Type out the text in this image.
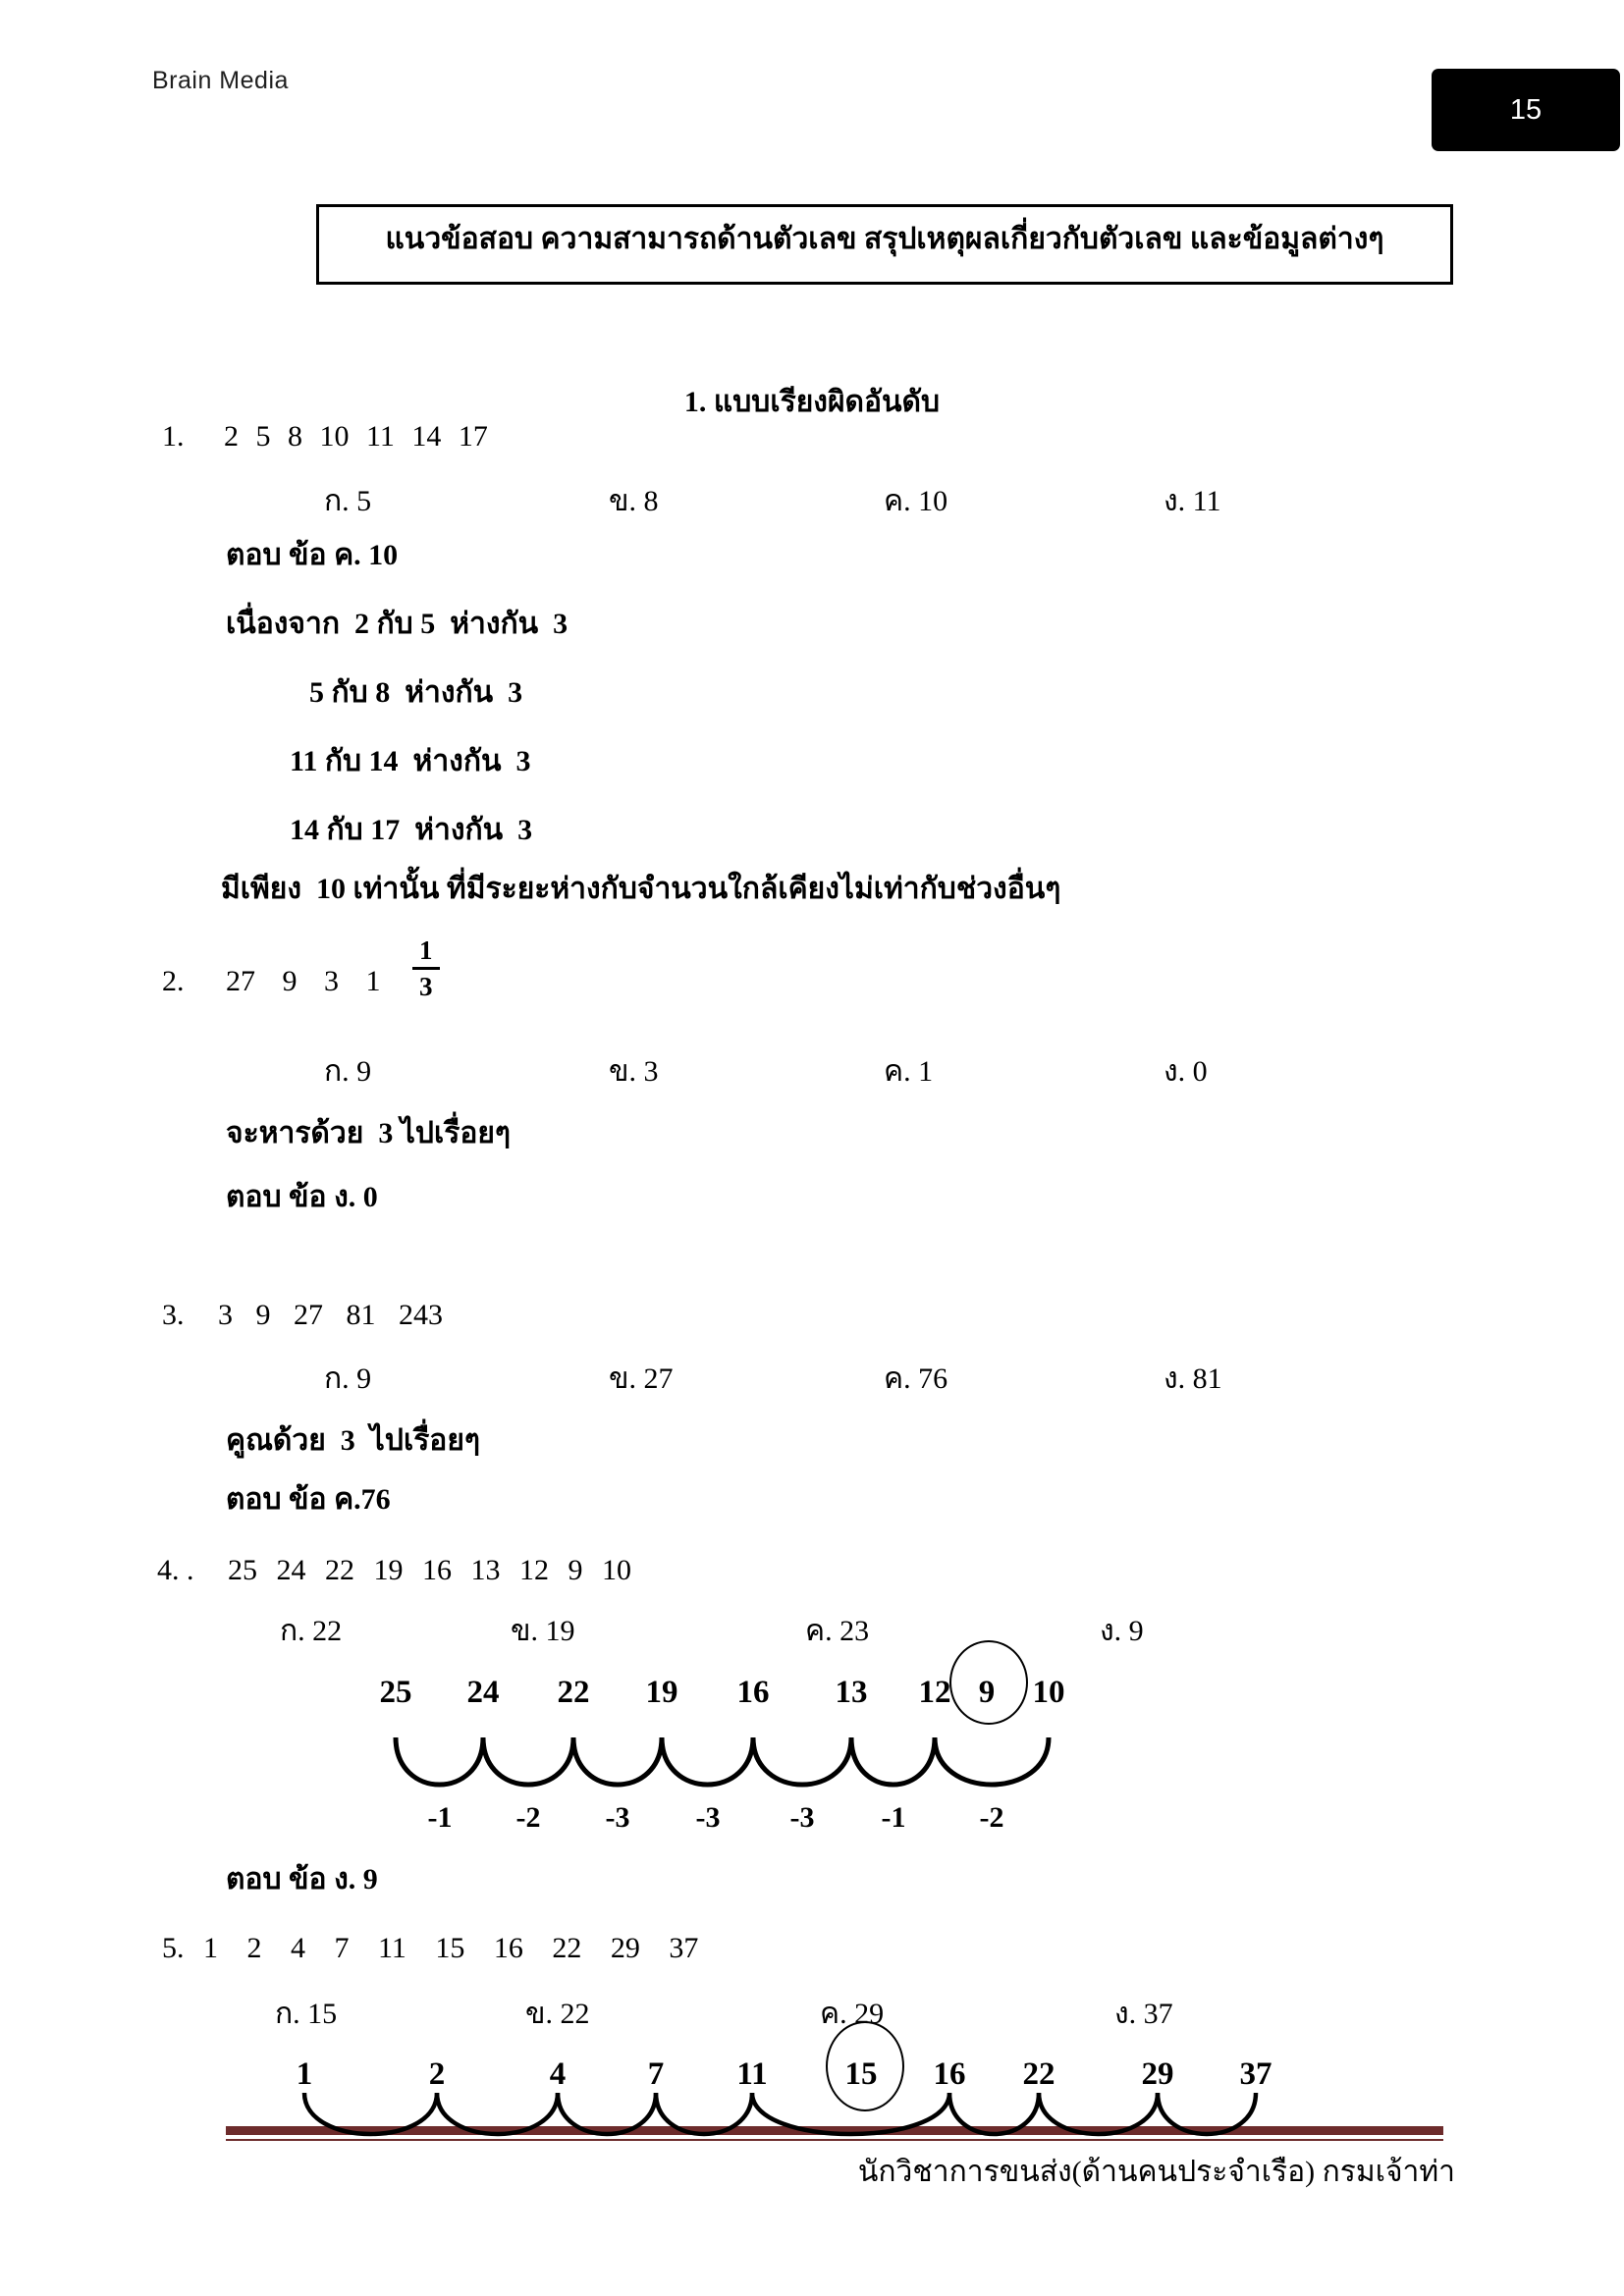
Brain Media
15
แนวข้อสอบ ความสามารถด้านตัวเลข สรุปเหตุผลเกี่ยวกับตัวเลข และข้อมูลต่างๆ
1. แบบเรียงผิดอันดับ
1. 2 5 8 10 11 14 17
ก. 5	ข. 8	ค. 10	ง. 11
ตอบ ข้อ ค. 10
เนื่องจาก  2 กับ 5  ห่างกัน  3
5 กับ 8  ห่างกัน  3
11 กับ 14  ห่างกัน  3
14 กับ 17  ห่างกัน  3
มีเพียง  10 เท่านั้น ที่มีระยะห่างกับจำนวนใกล้เคียงไม่เท่ากับช่วงอื่นๆ
2. 27 9 3 $1 \frac{1}{3}$
ก. 9	ข. 3	ค. 1	ง. 0
จะหารด้วย  3 ไปเรื่อยๆ
ตอบ ข้อ ง. 0
3. 3 9 27 81 243
ก. 9	ข. 27	ค. 76	ง. 81
คูณด้วย  3  ไปเรื่อยๆ
ตอบ ข้อ ค.76
4. . 25 24 22 19 16 13 12 9 10
ก. 22	ข. 19	ค. 23	ง. 9
25 24 22 19 16 13 12 9 10
-1 -2 -3 -3 -3 -1	-2
ตอบ ข้อ ง. 9
5. 1 2 4 7 11 15 16 22 29 37
ก. 15	ข. 22	ค. 29	ง. 37
1	2	4	7 11 15 16 22	29 37
นักวิชาการขนส่ง(ด้านคนประจำเรือ) กรมเจ้าท่า
